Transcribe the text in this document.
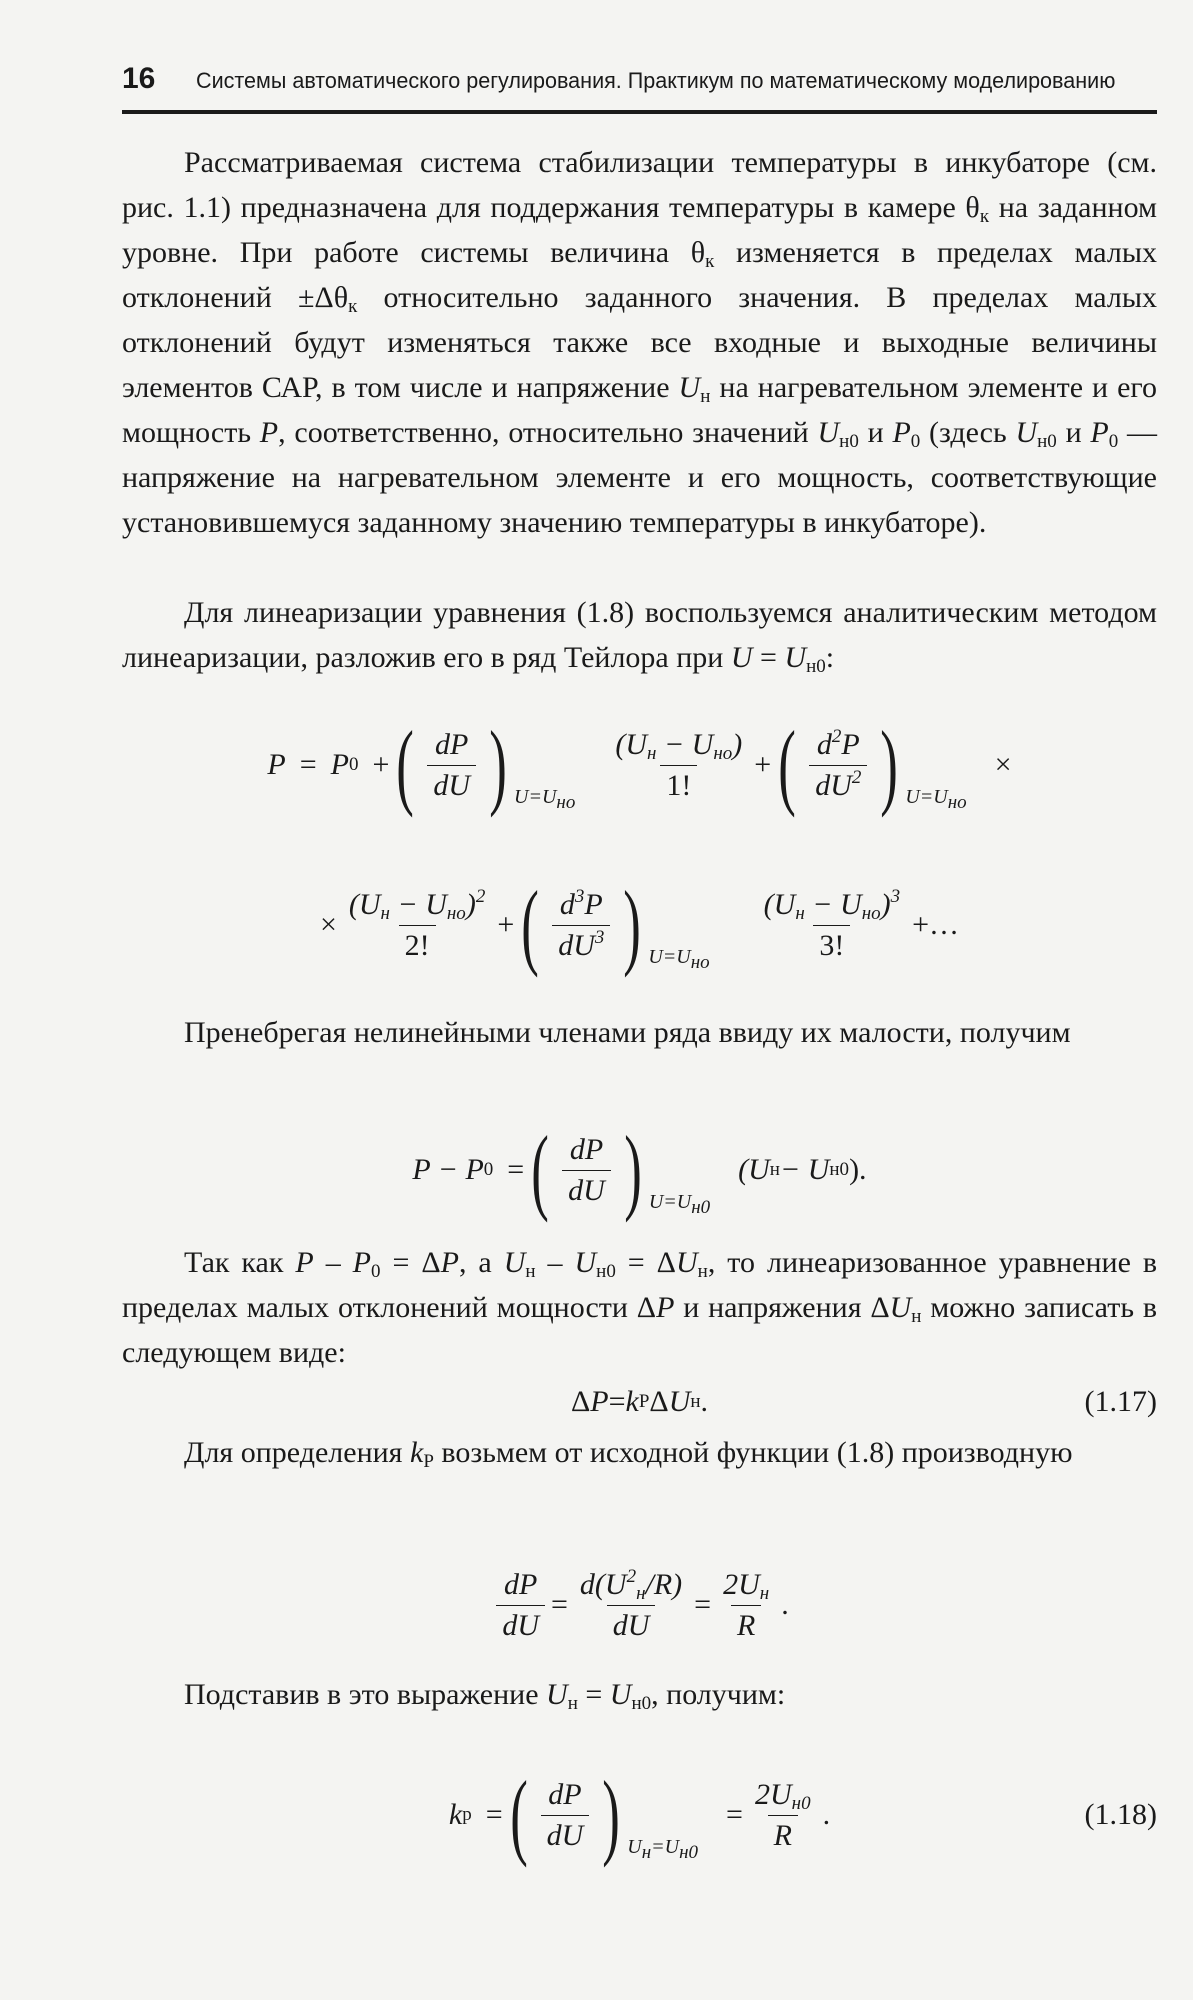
16 Системы автоматического регулирования. Практикум по математическому моделированию

Рассматриваемая система стабилизации температуры в инкубаторе (см. рис. 1.1) предназначена для поддержания температуры в камере $\theta_к$ на заданном уровне. При работе системы величина $\theta_к$ изменяется в пределах малых отклонений $\pm\Delta\theta_к$ относительно заданного значения. В пределах малых отклонений будут изменяться также все входные и выходные величины элементов САР, в том числе и напряжение $U_н$ на нагревательном элементе и его мощность P, соответственно, относительно значений $U_{н0}$ и $P_0$ (здесь $U_{н0}$ и $P_0$ — напряжение на нагревательном элементе и его мощность, соответствующие установившемуся заданному значению температуры в инкубаторе).

Для линеаризации уравнения (1.8) воспользуемся аналитическим методом линеаризации, разложив его в ряд Тейлора при $U = U_{н0}$:

P = P 0 + ( dP
dU ) $U=U_{но}$
$(U_н - U_{но})$
1!
+ ( $d^2P$
$dU^2$ ) $U=U_{но}$
×
×
$(U_н - U_{но})^2$
2!
+ ( $d^3P$
$dU^3$ ) $U=U_{но}$
$(U_н - U_{но})^3$
3!
+…

Пренебрегая нелинейными членами ряда ввиду их малости, получим

P − P 0 = ( dP
dU ) $U=U_{н0}$
(U н − U н0 ).

Так как $P - P_0 = \Delta P$, а $U_н - U_{н0} = \Delta U_н$, то линеаризованное уравнение в пределах малых отклонений мощности ΔP и напряжения $\Delta U_н$ можно записать в следующем виде:

Δ P = k Р Δ U н .	(1.17)

Для определения $k_Р$ возьмем от исходной функции (1.8) производную

$\frac{dP}{dU}$ =
$d(U^2_н/R)$
dU
=
$2U_н$
R
.

Подставив в это выражение $U_н = U_{н0}$, получим:

k р = ( dP
dU ) $U_н=U_{н0}$
=
$2U_{н0}$
R
.	(1.18)
